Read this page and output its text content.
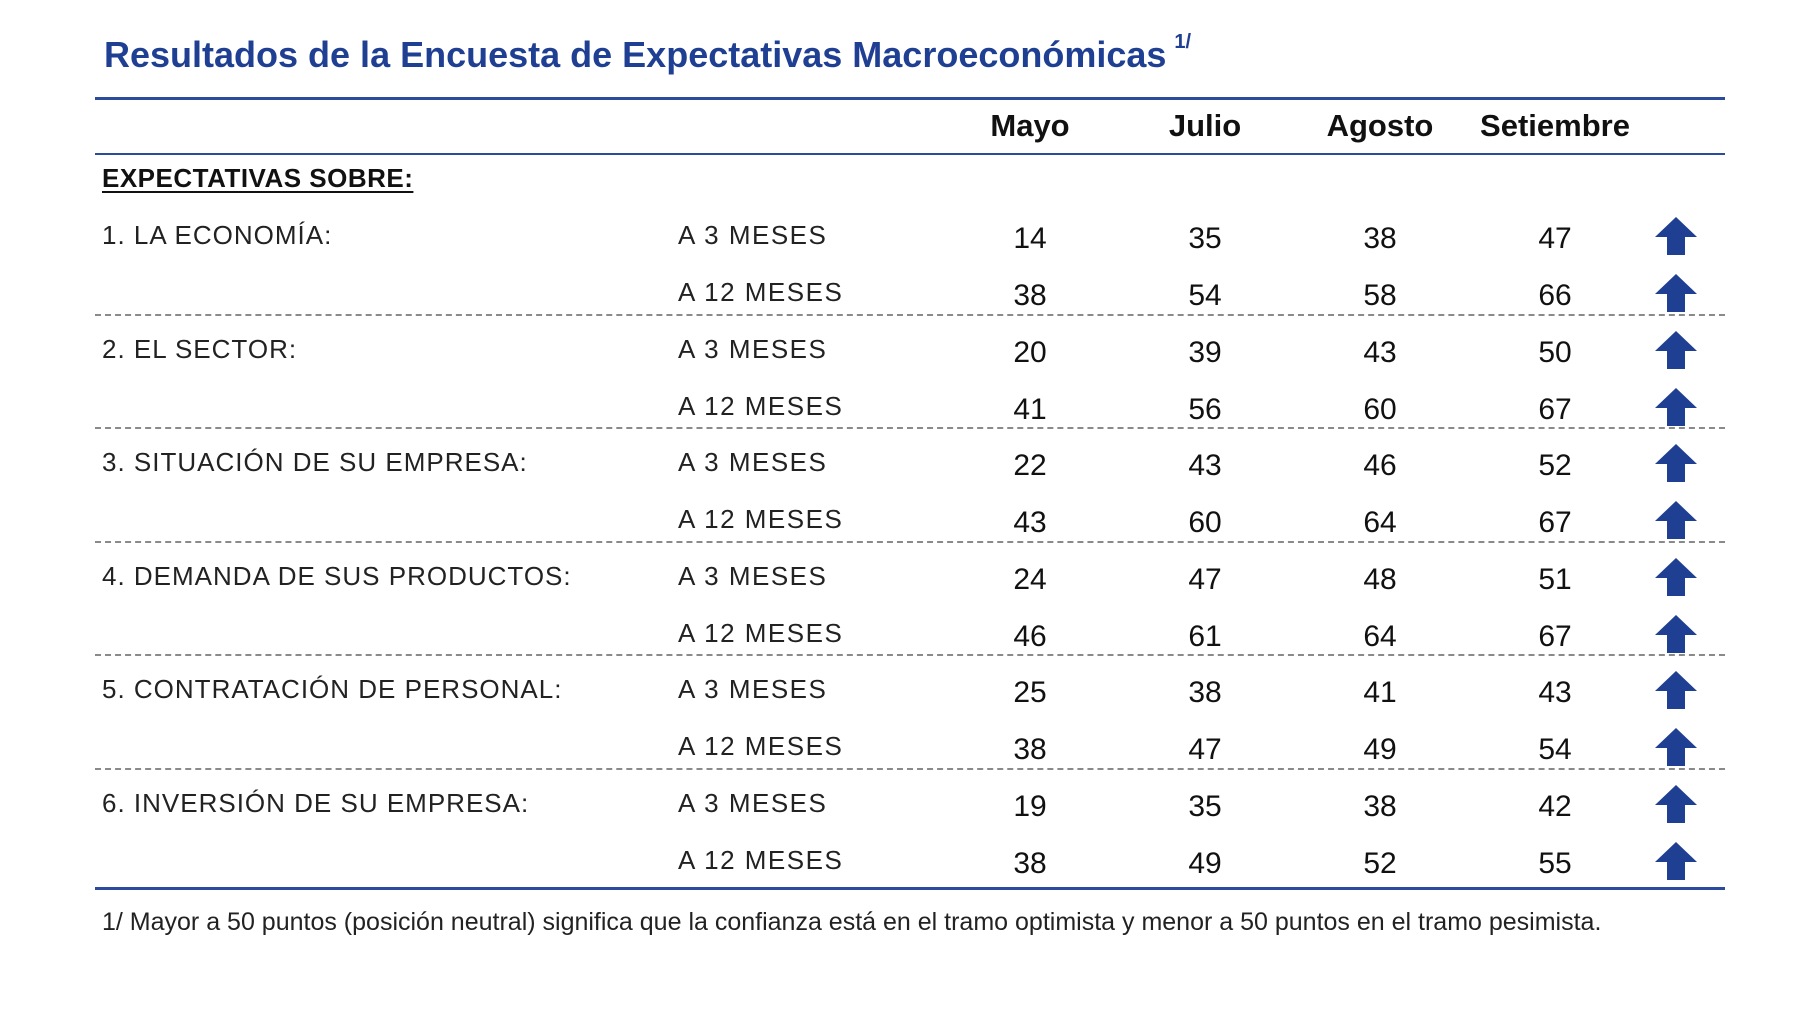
Resultados de la Encuesta de Expectativas Macroeconómicas $^{1/}$
Mayo	Julio	Agosto	Setiembre
EXPECTATIVAS SOBRE:
1. LA ECONOMÍA:	A 3 MESES	14	35	38	47
A 12 MESES	38	54	58	66
2. EL SECTOR:	A 3 MESES	20	39	43	50
A 12 MESES	41	56	60	67
3. SITUACIÓN DE SU EMPRESA:	A 3 MESES	22	43	46	52
A 12 MESES	43	60	64	67
4. DEMANDA DE SUS PRODUCTOS:	A 3 MESES	24	47	48	51
A 12 MESES	46	61	64	67
5. CONTRATACIÓN DE PERSONAL:	A 3 MESES	25	38	41	43
A 12 MESES	38	47	49	54
6. INVERSIÓN DE SU EMPRESA:	A 3 MESES	19	35	38	42
A 12 MESES	38	49	52	55
1/ Mayor a 50 puntos (posición neutral) significa que la confianza está en el tramo optimista y menor a 50 puntos en el tramo pesimista.
